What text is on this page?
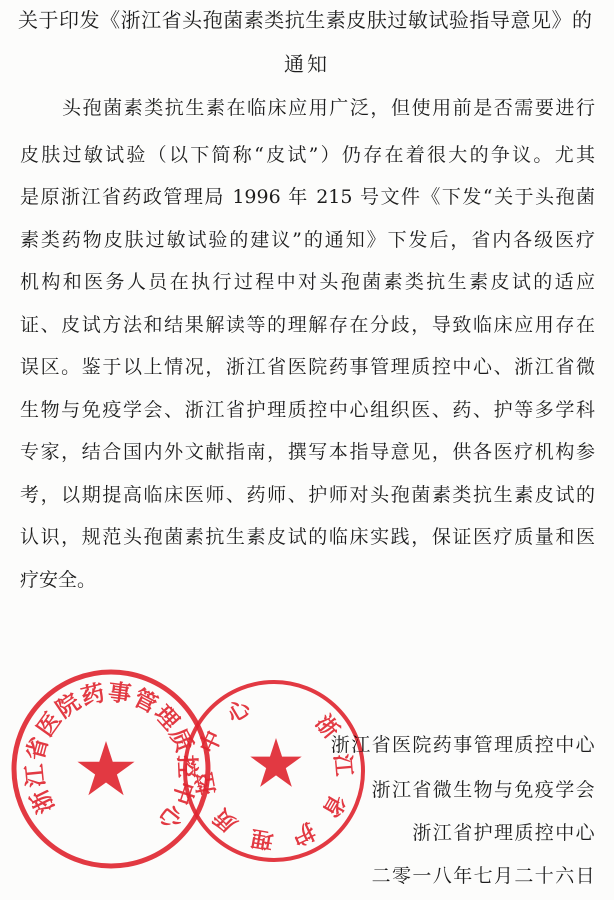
关于印发《浙江省头孢菌素类抗生素皮肤过敏试验指导意见》的
通知
头孢菌素类抗生素在临床应用广泛，但使用前是否需要进行
皮肤过敏试验（以下简称“皮试”）仍存在着很大的争议。尤其
是原浙江省药政管理局 1996 年 215 号文件《下发“关于头孢菌
素类药物皮肤过敏试验的建议”的通知》下发后，省内各级医疗
机构和医务人员在执行过程中对头孢菌素类抗生素皮试的适应
证、皮试方法和结果解读等的理解存在分歧，导致临床应用存在
误区。鉴于以上情况，浙江省医院药事管理质控中心、浙江省微
生物与免疫学会、浙江省护理质控中心组织医、药、护等多学科
专家，结合国内外文献指南，撰写本指导意见，供各医疗机构参
考，以期提高临床医师、药师、护师对头孢菌素类抗生素皮试的
认识，规范头孢菌素抗生素皮试的临床实践，保证医疗质量和医
疗安全。
浙江省医院药事管理质控中心
浙江省微生物与免疫学会
浙江省护理质控中心
二零一八年七月二十六日
浙江省医院药事管理质控中心
浙江省护理质控中心
